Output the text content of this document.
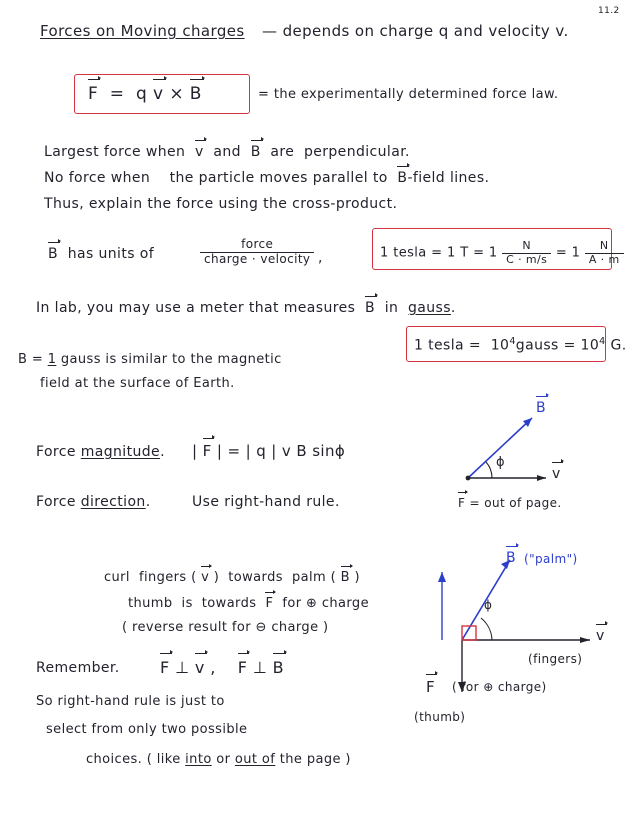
11.2
Forces on Moving charges — depends on charge q and velocity v.
F  =  q v × B	= the experimentally determined force law.
Largest force when  v  and  B  are  perpendicular.
No force when    the particle moves parallel to  B-field lines.
Thus, explain the force using the cross-product.
B  has units of	$\frac{\text{force}}{\text{charge · velocity}}$ ,	1 tesla = 1 $T = 1 \frac{N}{C \cdot m/s} = 1 \frac{N}{A \cdot m}$
In lab, you may use a meter that measures  B  in  gauss.
1 tesla =  $10^4gauss = 10^4$ G.
B = 1 gauss is similar to the magnetic
field at the surface of Earth.
Force magnitude. | F | = | q | v B sinϕ
Force direction.	Use right-hand rule.
B
v
ϕ
F = out of page.
curl  fingers ( v )  towards  palm ( B )
thumb  is  towards  F  for ⊕ charge
( reverse result for ⊖ charge )
Remember.	F ⊥ v ,    F ⊥ B
So right-hand rule is just to
select from only two possible
choices. ( like into or out of the page )
B ("palm")
ϕ
v
(fingers)
F ( for ⊕ charge)
(thumb)
